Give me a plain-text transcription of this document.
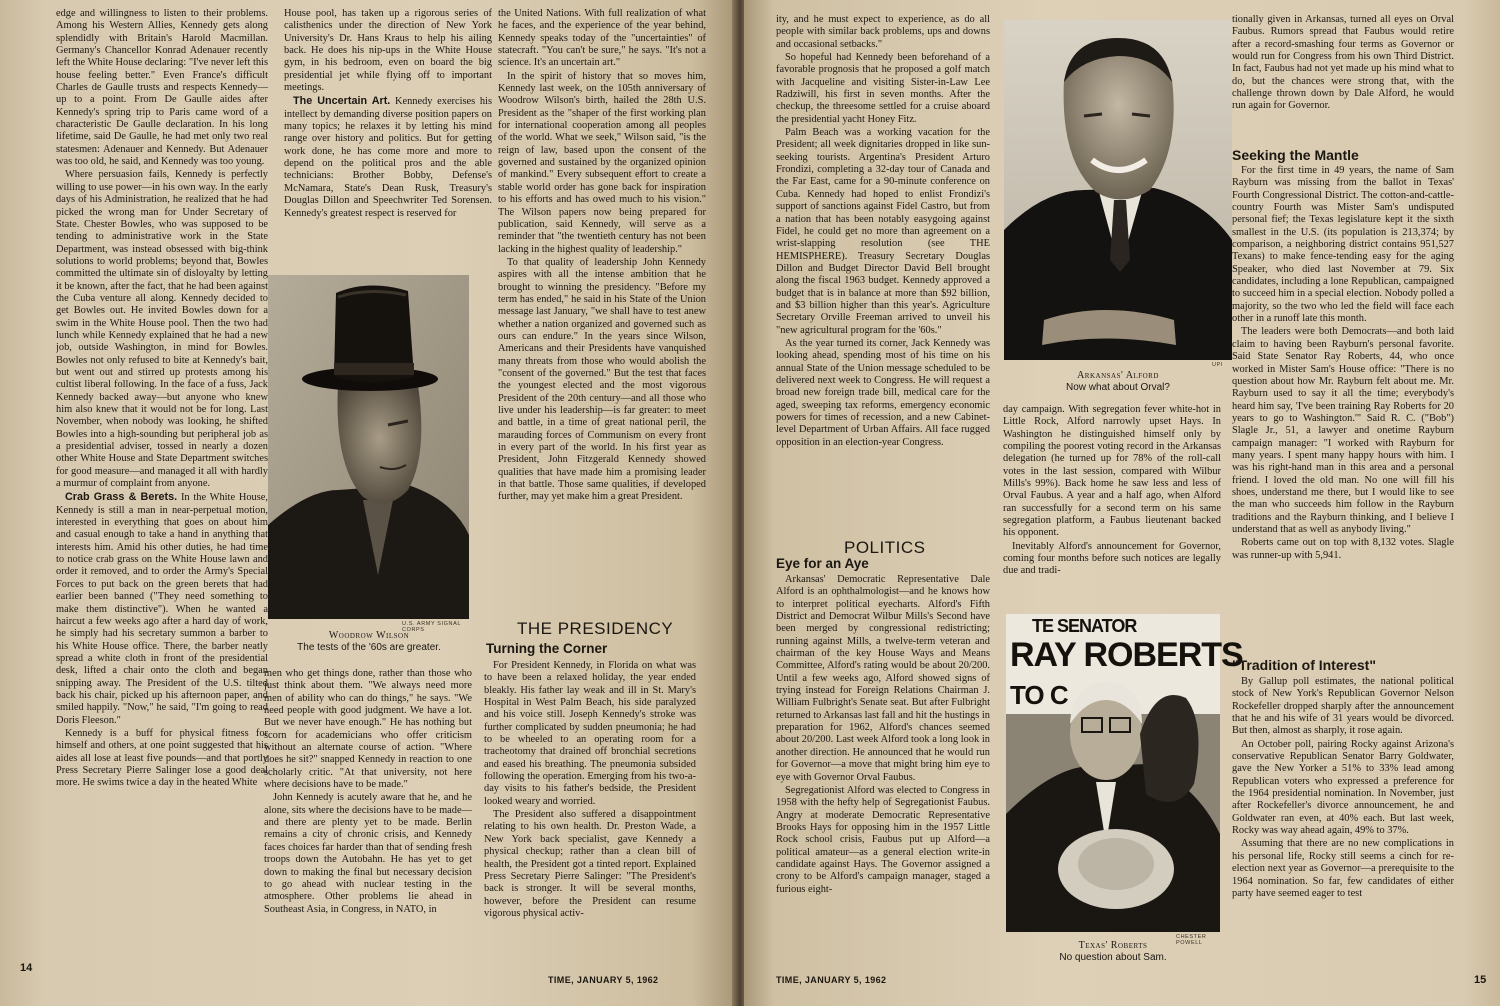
edge and willingness to listen to their problems. Among his Western Allies, Kennedy gets along splendidly with Britain's Harold Macmillan. Germany's Chancellor Konrad Adenauer recently left the White House declaring: "I've never left this house feeling better." Even France's difficult Charles de Gaulle trusts and respects Kennedy—up to a point. From De Gaulle aides after Kennedy's spring trip to Paris came word of a characteristic De Gaulle declaration. In his long lifetime, said De Gaulle, he had met only two real statesmen: Adenauer and Kennedy. But Adenauer was too old, he said, and Kennedy was too young.

Where persuasion fails, Kennedy is perfectly willing to use power—in his own way. In the early days of his Administration, he realized that he had picked the wrong man for Under Secretary of State. Chester Bowles, who was supposed to be tending to administrative work in the State Department, was instead obsessed with big-think solutions to world problems; beyond that, Bowles committed the ultimate sin of disloyalty by letting it be known, after the fact, that he had been against the Cuba venture all along. Kennedy decided to get Bowles out. He invited Bowles down for a swim in the White House pool. Then the two had lunch while Kennedy explained that he had a new job, outside Washington, in mind for Bowles. Bowles not only refused to bite at Kennedy's bait, but went out and stirred up protests among his cultist liberal following. In the face of a fuss, Jack Kennedy backed away—but anyone who knew him also knew that it would not be for long. Last November, when nobody was looking, he shifted Bowles into a high-sounding but peripheral job as a presidential adviser, tossed in nearly a dozen other White House and State Department switches for good measure—and managed it all with hardly a murmur of complaint from anyone.

Crab Grass & Berets. In the White House, Kennedy is still a man in near-perpetual motion, interested in everything that goes on about him and casual enough to take a hand in anything that interests him. Amid his other duties, he had time to notice crab grass on the White House lawn and order it removed, and to order the Army's Special Forces to put back on the green berets that had earlier been banned ("They need something to make them distinctive"). When he wanted a haircut a few weeks ago after a hard day of work, he simply had his secretary summon a barber to his White House office. There, the barber neatly spread a white cloth in front of the presidential desk, lifted a chair onto the cloth and began snipping away. The President of the U.S. tilted back his chair, picked up his afternoon paper, and smiled happily. "Now," he said, "I'm going to read Doris Fleeson."

Kennedy is a buff for physical fitness for himself and others, at one point suggested that his aides all lose at least five pounds—and that portly Press Secretary Pierre Salinger lose a good deal more. He swims twice a day in the heated White

House pool, has taken up a rigorous series of calisthenics under the direction of New York University's Dr. Hans Kraus to help his ailing back. He does his nip-ups in the White House gym, in his bedroom, even on board the big presidential jet while flying off to important meetings.

The Uncertain Art. Kennedy exercises his intellect by demanding diverse position papers on many topics; he relaxes it by letting his mind range over history and politics. But for getting work done, he has come more and more to depend on the political pros and the able technicians: Brother Bobby, Defense's McNamara, State's Dean Rusk, Treasury's Douglas Dillon and Speechwriter Ted Sorensen. Kennedy's greatest respect is reserved for

U.S. ARMY SIGNAL CORPS
Woodrow Wilson
The tests of the '60s are greater.

men who get things done, rather than those who just think about them. "We always need more men of ability who can do things," he says. "We need people with good judgment. We have a lot. But we never have enough." He has nothing but scorn for academicians who offer criticism without an alternate course of action. "Where does he sit?" snapped Kennedy in reaction to one scholarly critic. "At that university, not here where decisions have to be made."

John Kennedy is acutely aware that he, and he alone, sits where the decisions have to be made—and there are plenty yet to be made. Berlin remains a city of chronic crisis, and Kennedy faces choices far harder than that of sending fresh troops down the Autobahn. He has yet to get down to making the final but necessary decision to go ahead with nuclear testing in the atmosphere. Other problems lie ahead in Southeast Asia, in Congress, in NATO, in

the United Nations. With full realization of what he faces, and the experience of the year behind, Kennedy speaks today of the "uncertainties" of statecraft. "You can't be sure," he says. "It's not a science. It's an uncertain art."

In the spirit of history that so moves him, Kennedy last week, on the 105th anniversary of Woodrow Wilson's birth, hailed the 28th U.S. President as the "shaper of the first working plan for international cooperation among all peoples of the world. What we seek," Wilson said, "is the reign of law, based upon the consent of the governed and sustained by the organized opinion of mankind." Every subsequent effort to create a stable world order has gone back for inspiration to his efforts and has owed much to his vision." The Wilson papers now being prepared for publication, said Kennedy, will serve as a reminder that "the twentieth century has not been lacking in the highest quality of leadership."

To that quality of leadership John Kennedy aspires with all the intense ambition that he brought to winning the presidency. "Before my term has ended," he said in his State of the Union message last January, "we shall have to test anew whether a nation organized and governed such as ours can endure." In the years since Wilson, Americans and their Presidents have vanquished many threats from those who would abolish the "consent of the governed." But the test that faces the youngest elected and the most vigorous President of the 20th century—and all those who live under his leadership—is far greater: to meet and battle, in a time of great national peril, the marauding forces of Communism on every front in every part of the world. In his first year as President, John Fitzgerald Kennedy showed qualities that have made him a promising leader in that battle. Those same qualities, if developed further, may yet make him a great President.

THE PRESIDENCY
Turning the Corner

For President Kennedy, in Florida on what was to have been a relaxed holiday, the year ended bleakly. His father lay weak and ill in St. Mary's Hospital in West Palm Beach, his side paralyzed and his voice still. Joseph Kennedy's stroke was further complicated by sudden pneumonia; he had to be wheeled to an operating room for a tracheotomy that drained off bronchial secretions and eased his breathing. The pneumonia subsided following the operation. Emerging from his two-a-day visits to his father's bedside, the President looked weary and worried.

The President also suffered a disappointment relating to his own health. Dr. Preston Wade, a New York back specialist, gave Kennedy a physical checkup; rather than a clean bill of health, the President got a tinted report. Explained Press Secretary Pierre Salinger: "The President's back is stronger. It will be several months, however, before the President can resume vigorous physical activ-

14
TIME, JANUARY 5, 1962

ity, and he must expect to experience, as do all people with similar back problems, ups and downs and occasional setbacks."

So hopeful had Kennedy been beforehand of a favorable prognosis that he proposed a golf match with Jacqueline and visiting Sister-in-Law Lee Radziwill, his first in seven months. After the checkup, the threesome settled for a cruise aboard the presidential yacht Honey Fitz.

Palm Beach was a working vacation for the President; all week dignitaries dropped in like sun-seeking tourists. Argentina's President Arturo Frondizi, completing a 32-day tour of Canada and the Far East, came for a 90-minute conference on Cuba. Kennedy had hoped to enlist Frondizi's support of sanctions against Fidel Castro, but from a nation that has been notably easygoing against Fidel, he could get no more than agreement on a wrist-slapping resolution (see THE HEMISPHERE). Treasury Secretary Douglas Dillon and Budget Director David Bell brought along the fiscal 1963 budget. Kennedy approved a budget that is in balance at more than $92 billion, and $3 billion higher than this year's. Agriculture Secretary Orville Freeman arrived to unveil his "new agricultural program for the '60s."

As the year turned its corner, Jack Kennedy was looking ahead, spending most of his time on his annual State of the Union message scheduled to be delivered next week to Congress. He will request a broad new foreign trade bill, medical care for the aged, sweeping tax reforms, emergency economic powers for times of recession, and a new Cabinet-level Department of Urban Affairs. All face rugged opposition in an election-year Congress.

POLITICS
Eye for an Aye

Arkansas' Democratic Representative Dale Alford is an ophthalmologist—and he knows how to interpret political eyecharts. Alford's Fifth District and Democrat Wilbur Mills's Second have been merged by congressional redistricting; running against Mills, a twelve-term veteran and chairman of the key House Ways and Means Committee, Alford's rating would be about 20/200. Until a few weeks ago, Alford showed signs of trying instead for Foreign Relations Chairman J. William Fulbright's Senate seat. But after Fulbright returned to Arkansas last fall and hit the hustings in preparation for 1962, Alford's chances seemed about 20/200. Last week Alford took a long look in another direction. He announced that he would run for Governor—a move that might bring him eye to eye with Governor Orval Faubus.

Segregationist Alford was elected to Congress in 1958 with the hefty help of Segregationist Faubus. Angry at moderate Democratic Representative Brooks Hays for opposing him in the 1957 Little Rock school crisis, Faubus put up Alford—a political amateur—as a general election write-in candidate against Hays. The Governor assigned a crony to be Alford's campaign manager, staged a furious eight-

UPI
Arkansas' Alford
Now what about Orval?

day campaign. With segregation fever white-hot in Little Rock, Alford narrowly upset Hays. In Washington he distinguished himself only by compiling the poorest voting record in the Arkansas delegation (he turned up for 78% of the roll-call votes in the last session, compared with Wilbur Mills's 99%). Back home he saw less and less of Orval Faubus. A year and a half ago, when Alford ran successfully for a second term on his same segregation platform, a Faubus lieutenant backed his opponent.

Inevitably Alford's announcement for Governor, coming four months before such notices are legally due and tradi-

TE SENATOR
RAY ROBERTS
TO C
CHESTER POWELL
Texas' Roberts
No question about Sam.

tionally given in Arkansas, turned all eyes on Orval Faubus. Rumors spread that Faubus would retire after a record-smashing four terms as Governor or would run for Congress from his own Third District. In fact, Faubus had not yet made up his mind what to do, but the chances were strong that, with the challenge thrown down by Dale Alford, he would run again for Governor.

Seeking the Mantle

For the first time in 49 years, the name of Sam Rayburn was missing from the ballot in Texas' Fourth Congressional District. The cotton-and-cattle-country Fourth was Mister Sam's undisputed personal fief; the Texas legislature kept it the sixth smallest in the U.S. (its population is 213,374; by comparison, a neighboring district contains 951,527 Texans) to make fence-tending easy for the aging Speaker, who died last November at 79. Six candidates, including a lone Republican, campaigned to succeed him in a special election. Nobody polled a majority, so the two who led the field will face each other in a runoff late this month.

The leaders were both Democrats—and both laid claim to having been Rayburn's personal favorite. Said State Senator Ray Roberts, 44, who once worked in Mister Sam's House office: "There is no question about how Mr. Rayburn felt about me. Mr. Rayburn used to say it all the time; everybody's heard him say, 'I've been training Ray Roberts for 20 years to go to Washington.'" Said R. C. ("Bob") Slagle Jr., 51, a lawyer and onetime Rayburn campaign manager: "I worked with Rayburn for many years. I spent many happy hours with him. I was his right-hand man in this area and a personal friend. I loved the old man. No one will fill his shoes, understand me there, but I would like to see the man who succeeds him follow in the Rayburn traditions and the Rayburn thinking, and I believe I understand that as well as anybody living."

Roberts came out on top with 8,132 votes. Slagle was runner-up with 5,941.

"Tradition of Interest"

By Gallup poll estimates, the national political stock of New York's Republican Governor Nelson Rockefeller dropped sharply after the announcement that he and his wife of 31 years would be divorced. But then, almost as sharply, it rose again.

An October poll, pairing Rocky against Arizona's conservative Republican Senator Barry Goldwater, gave the New Yorker a 51% to 33% lead among Republican voters who expressed a preference for the 1964 presidential nomination. In November, just after Rockefeller's divorce announcement, he and Goldwater ran even, at 40% each. But last week, Rocky was way ahead again, 49% to 37%.

Assuming that there are no new complications in his personal life, Rocky still seems a cinch for re-election next year as Governor—a prerequisite to the 1964 nomination. So far, few candidates of either party have seemed eager to test

TIME, JANUARY 5, 1962	15
